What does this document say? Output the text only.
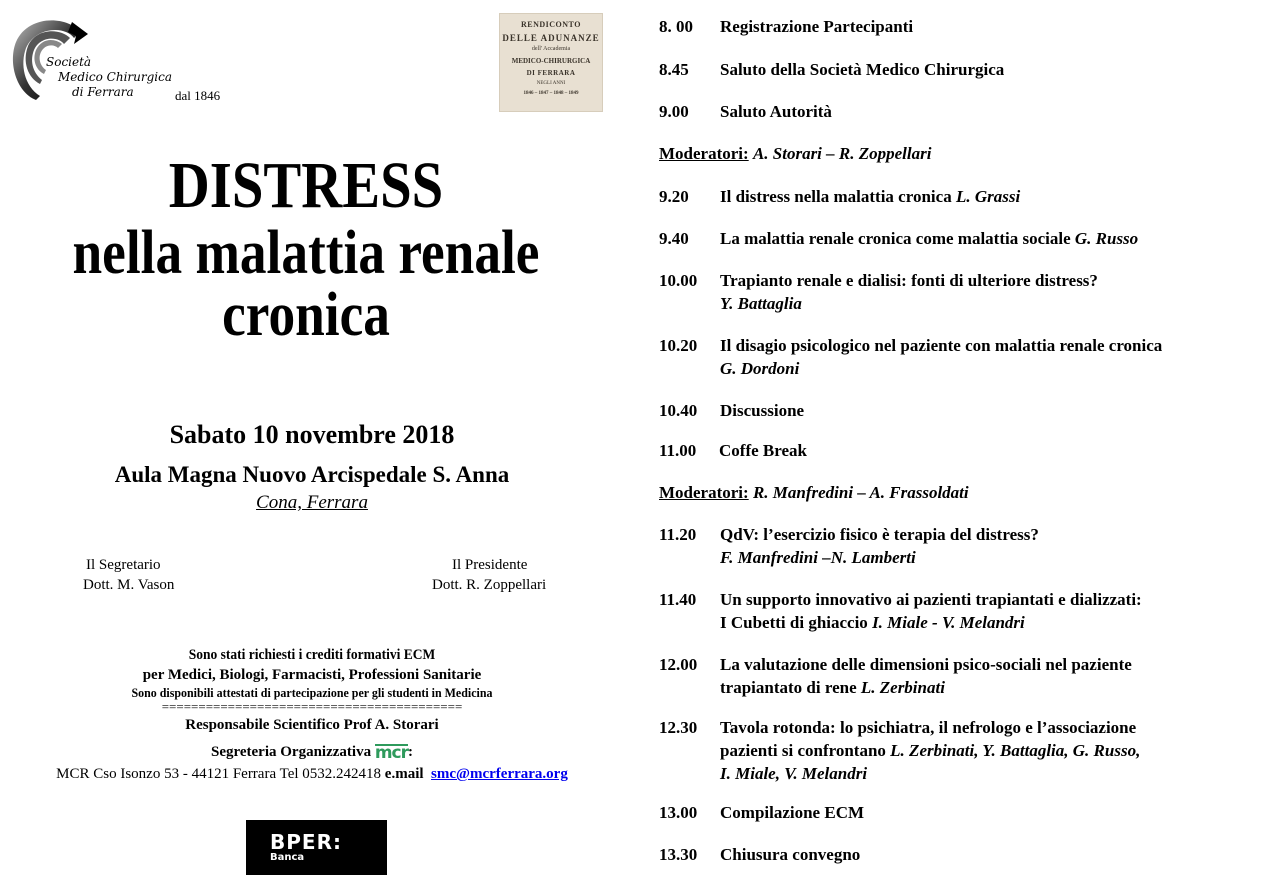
Società
Medico Chirurgica
di Ferrara	dal 1846
RENDICONTO
DELLE ADUNANZE
dell' Accademia
MEDICO-CHIRURGICA
DI FERRARA
NEGLI ANNI
1846 – 1847 – 1848 – 1849
DISTRESS
nella malattia renale
cronica
Sabato 10 novembre 2018
Aula Magna Nuovo Arcispedale S. Anna
Cona, Ferrara
Il Segretario
Dott. M. Vason
Il Presidente
Dott. R. Zoppellari
Sono stati richiesti i crediti formativi ECM
per Medici, Biologi, Farmacisti, Professioni Sanitarie
Sono disponibili attestati di partecipazione per gli studenti in Medicina
=========================================
Responsabile Scientifico Prof A. Storari
Segreteria Organizzativa mcr:
MCR Cso Isonzo 53 - 44121 Ferrara Tel 0532.242418 e.mail smc@mcrferrara.org
BPER:
Banca
8. 00	Registrazione Partecipanti
8.45	Saluto della Società Medico Chirurgica
9.00	Saluto Autorità
Moderatori: A. Storari – R. Zoppellari
9.20	Il distress nella malattia cronica L. Grassi
9.40	La malattia renale cronica come malattia sociale G. Russo
10.00	Trapianto renale e dialisi: fonti di ulteriore distress?
Y. Battaglia
10.20	Il disagio psicologico nel paziente con malattia renale cronica
G. Dordoni
10.40	Discussione
11.00	Coffe Break
Moderatori: R. Manfredini – A. Frassoldati
11.20	QdV: l’esercizio fisico è terapia del distress?
F. Manfredini –N. Lamberti
11.40	Un supporto innovativo ai pazienti trapiantati e dializzati:
I Cubetti di ghiaccio I. Miale - V. Melandri
12.00	La valutazione delle dimensioni psico-sociali nel paziente
trapiantato di rene L. Zerbinati
12.30	Tavola rotonda: lo psichiatra, il nefrologo e l’associazione
pazienti si confrontano L. Zerbinati, Y. Battaglia, G. Russo,
I. Miale, V. Melandri
13.00	Compilazione ECM
13.30	Chiusura convegno
